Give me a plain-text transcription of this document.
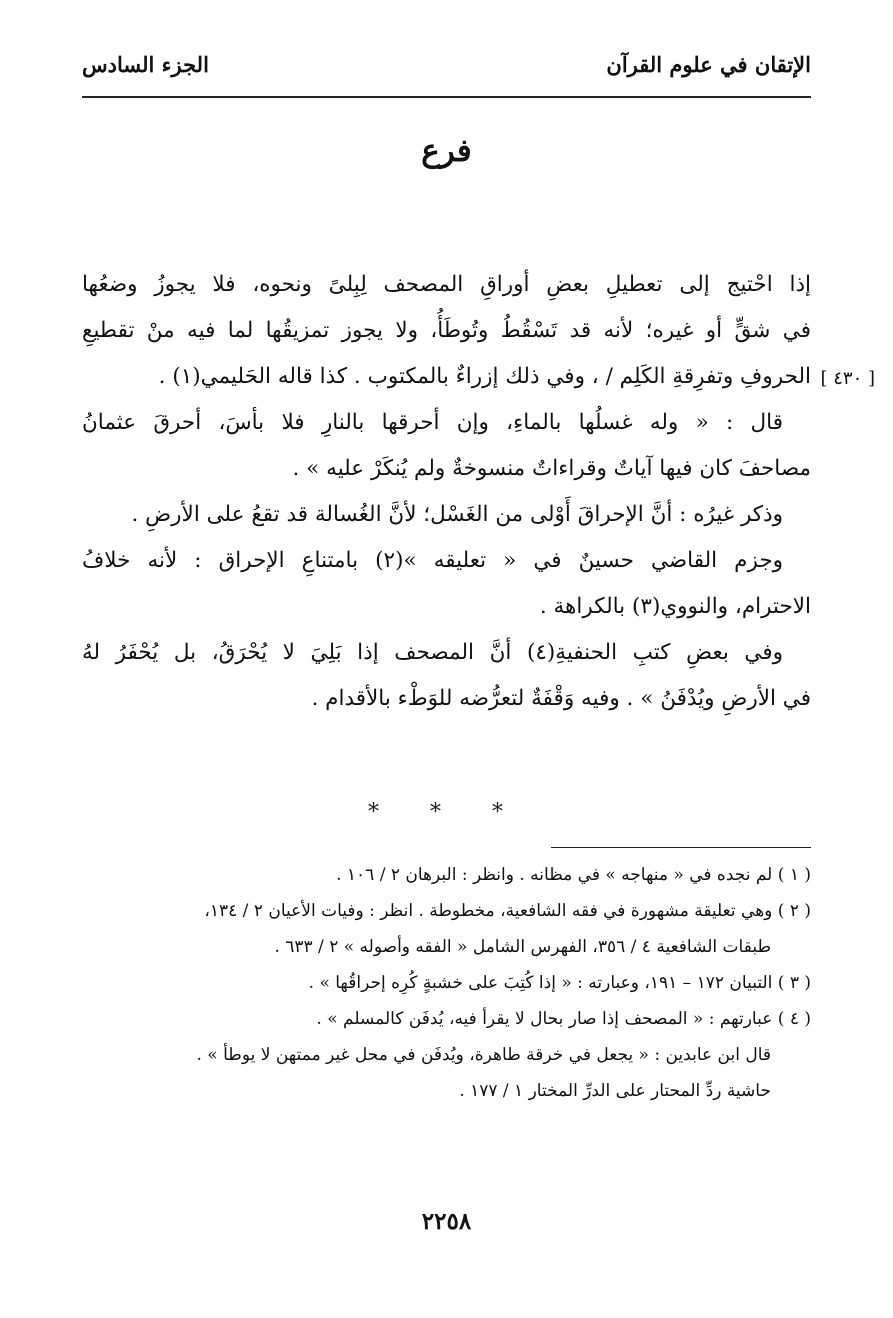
الإتقان في علوم القرآن
الجزء السادس
فرع
[ ٤٣٠ ]
إذا احْتيج إلى تعطيلِ بعضِ أوراقِ المصحف لِبِلىً ونحوه، فلا يجوزُ وضعُها
في شقٍّ أو غيره؛ لأنه قد تَسْقُطُ وتُوطَأُ، ولا يجوز تمزيقُها لما فيه منْ تقطيعِ
الحروفِ وتفرِقةِ الكَلِم / ، وفي ذلك إزراءٌ بالمكتوب . كذا قاله الحَليمي(١) .
قال : « وله غسلُها بالماءِ، وإن أحرقها بالنارِ فلا بأسَ، أحرقَ عثمانُ
مصاحفَ كان فيها آياتٌ وقراءاتٌ منسوخةٌ ولم يُنكَرْ عليه » .
وذكر غيرُه : أنَّ الإحراقَ أَوْلى من الغَسْل؛ لأنَّ الغُسالة قد تقعُ على الأرضِ .
وجزم القاضي حسينٌ في « تعليقه »(٢) بامتناعِ الإحراق : لأنه خلافُ
الاحترام، والنووي(٣) بالكراهة .
وفي بعضِ كتبِ الحنفيةِ(٤) أنَّ المصحف إذا بَلِيَ لا يُحْرَقُ، بل يُحْفَرُ لهُ
في الأرضِ ويُدْفَنُ » . وفيه وَقْفَةٌ لتعرُّضه للوَطْء بالأقدام .
* * *
( ١ ) لم نجده في « منهاجه » في مظانه . وانظر : البرهان ٢ / ١٠٦ .
( ٢ ) وهي تعليقة مشهورة في فقه الشافعية، مخطوطة . انظر : وفيات الأعيان ٢ / ١٣٤،
طبقات الشافعية ٤ / ٣٥٦، الفهرس الشامل « الفقه وأصوله » ٢ / ٦٣٣ .
( ٣ ) التبيان ١٧٢ – ١٩١، وعبارته : « إذا كُتِبَ على خشبةٍ كُرِه إحراقُها » .
( ٤ ) عبارتهم : « المصحف إذا صار بحال لا يقرأ فيه، يُدفَن كالمسلم » .
قال ابن عابدين : « يجعل في خرقة طاهرة، ويُدفَن في محل غير ممتهن لا يوطأ » .
حاشية ردِّ المحتار على الدرِّ المختار ١ / ١٧٧ .
٢٢٥٨
